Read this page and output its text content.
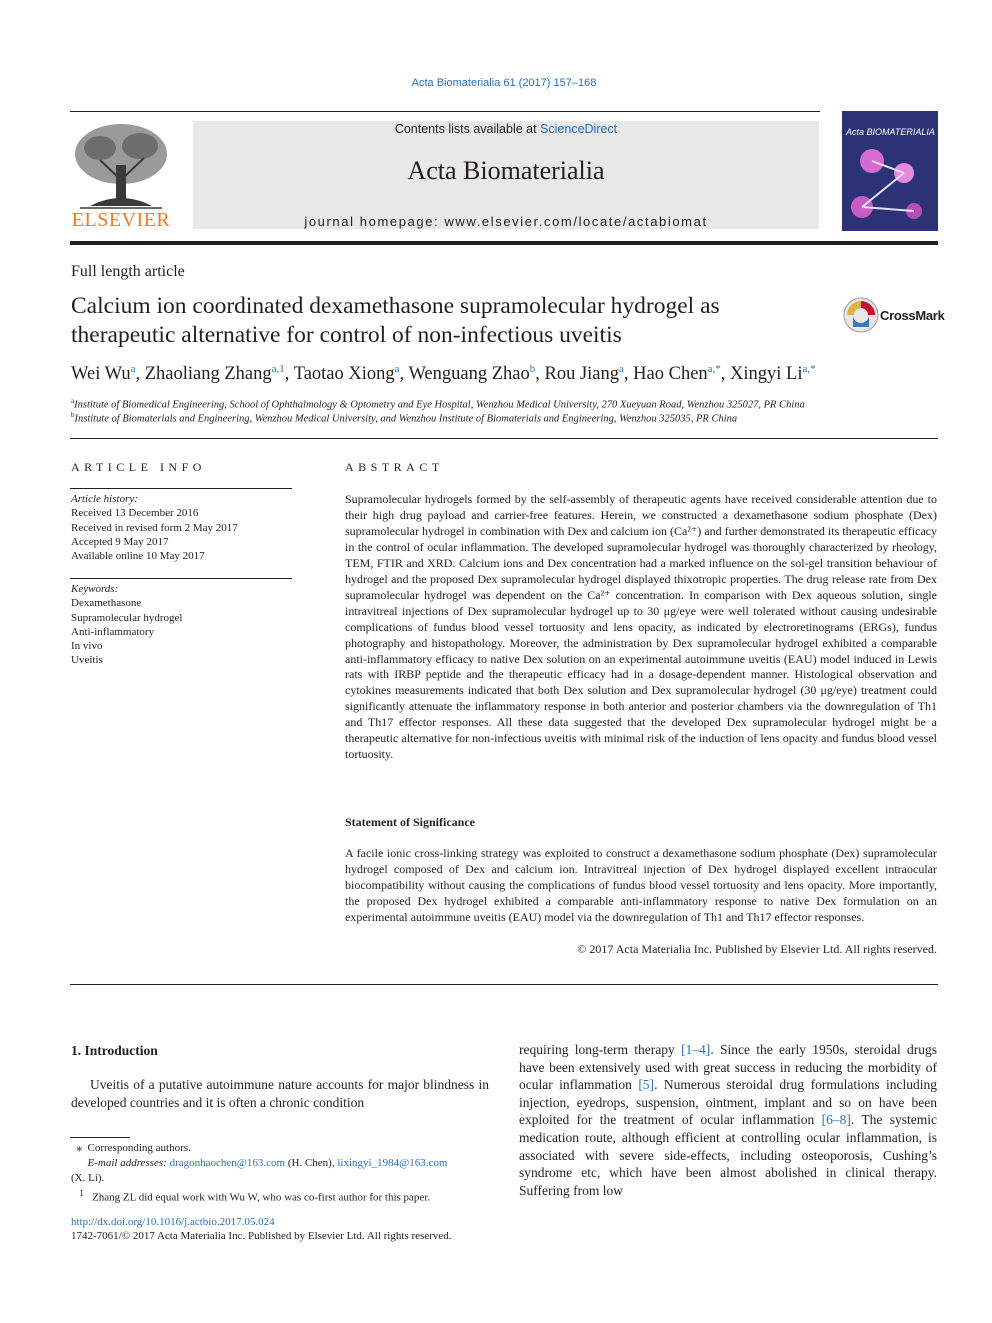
Acta Biomaterialia 61 (2017) 157–168
ELSEVIER
Contents lists available at ScienceDirect
Acta Biomaterialia
journal homepage: www.elsevier.com/locate/actabiomat
Acta BIOMATERIALIA
Full length article
Calcium ion coordinated dexamethasone supramolecular hydrogel as therapeutic alternative for control of non-infectious uveitis
CrossMark
Wei Wu$^a$, Zhaoliang Zhang$^{a,1}$, Taotao Xiong$^a$, Wenguang Zhao$^b$, Rou Jiang$^a$, Hao Chen$^{a,*}$, Xingyi $Li^{a,*}$
$^a$Institute of Biomedical Engineering, School of Ophthalmology & Optometry and Eye Hospital, Wenzhou Medical University, 270 Xueyuan Road, Wenzhou 325027, PR China
$^b$Institute of Biomaterials and Engineering, Wenzhou Medical University, and Wenzhou Institute of Biomaterials and Engineering, Wenzhou 325035, PR China
ARTICLE INFO
Article history:
Received 13 December 2016
Received in revised form 2 May 2017
Accepted 9 May 2017
Available online 10 May 2017
Keywords:
Dexamethasone
Supramolecular hydrogel
Anti-inflammatory
In vivo
Uveitis
ABSTRACT
Supramolecular hydrogels formed by the self-assembly of therapeutic agents have received considerable attention due to their high drug payload and carrier-free features. Herein, we constructed a dexamethasone sodium phosphate (Dex) supramolecular hydrogel in combination with Dex and calcium ion (Ca²⁺) and further demonstrated its therapeutic efficacy in the control of ocular inflammation. The developed supramolecular hydrogel was thoroughly characterized by rheology, TEM, FTIR and XRD. Calcium ions and Dex concentration had a marked influence on the sol-gel transition behaviour of hydrogel and the proposed Dex supramolecular hydrogel displayed thixotropic properties. The drug release rate from Dex supramolecular hydrogel was dependent on the Ca²⁺ concentration. In comparison with Dex aqueous solution, single intravitreal injections of Dex supramolecular hydrogel up to 30 μg/eye were well tolerated without causing undesirable complications of fundus blood vessel tortuosity and lens opacity, as indicated by electroretinograms (ERGs), fundus photography and histopathology. Moreover, the administration by Dex supramolecular hydrogel exhibited a comparable anti-inflammatory efficacy to native Dex solution on an experimental autoimmune uveitis (EAU) model induced in Lewis rats with IRBP peptide and the therapeutic efficacy had in a dosage-dependent manner. Histological observation and cytokines measurements indicated that both Dex solution and Dex supramolecular hydrogel (30 μg/eye) treatment could significantly attenuate the inflammatory response in both anterior and posterior chambers via the downregulation of Th1 and Th17 effector responses. All these data suggested that the developed Dex supramolecular hydrogel might be a therapeutic alternative for non-infectious uveitis with minimal risk of the induction of lens opacity and fundus blood vessel tortuosity.
Statement of Significance
A facile ionic cross-linking strategy was exploited to construct a dexamethasone sodium phosphate (Dex) supramolecular hydrogel composed of Dex and calcium ion. Intravitreal injection of Dex hydrogel displayed excellent intraocular biocompatibility without causing the complications of fundus blood vessel tortuosity and lens opacity. More importantly, the proposed Dex hydrogel exhibited a comparable anti-inflammatory response to native Dex formulation on an experimental autoimmune uveitis (EAU) model via the downregulation of Th1 and Th17 effector responses.
© 2017 Acta Materialia Inc. Published by Elsevier Ltd. All rights reserved.
1. Introduction
Uveitis of a putative autoimmune nature accounts for major blindness in developed countries and it is often a chronic condition
requiring long-term therapy [1–4]. Since the early 1950s, steroidal drugs have been extensively used with great success in reducing the morbidity of ocular inflammation [5]. Numerous steroidal drug formulations including injection, eyedrops, suspension, ointment, implant and so on have been exploited for the treatment of ocular inflammation [6–8]. The systemic medication route, although efficient at controlling ocular inflammation, is associated with severe side-effects, including osteoporosis, Cushing’s syndrome etc, which have been almost abolished in clinical therapy. Suffering from low
⁎ Corresponding authors.
E-mail addresses: dragonhaochen@163.com (H. Chen), lixingyi_1984@163.com
(X. Li).
$^1$ Zhang ZL did equal work with Wu W, who was co-first author for this paper.
http://dx.doi.org/10.1016/j.actbio.2017.05.024
1742-7061/© 2017 Acta Materialia Inc. Published by Elsevier Ltd. All rights reserved.
